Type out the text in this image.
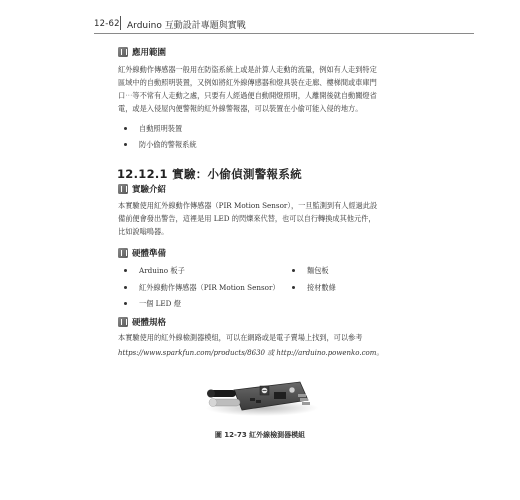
12-62 Arduino 互動設計專題與實戰
應用範圍
紅外線動作傳感器一般用在防盜系統上或是計算人走動的流量，例如有人走到特定
區域中的自動照明裝置，又例如將紅外線傳感器和燈具裝在走廊、樓梯間或車庫門
口⋯等不常有人走動之處，只要有人經過便自動開燈照明，人離開後就自動關燈省
電，或是入侵屋內便警報的紅外線警報器，可以裝置在小偷可能入侵的地方。
自動照明裝置
防小偷的警報系統
12.12.1 實驗：小偷偵測警報系統
實驗介紹
本實驗使用紅外線動作傳感器（PIR Motion Sensor），一旦監測到有人經過此設
備前便會發出警告，這裡是用 LED 的閃爍來代替，也可以自行轉換成其他元件，
比如說嗡鳴器。
硬體準備
Arduino 板子
紅外線動作傳感器（PIR Motion Sensor）
一個 LED 燈
麵包板
接材數條
硬體規格
本實驗使用的紅外線檢測器模組，可以在網路或是電子賣場上找到，可以參考
https://www.sparkfun.com/products/8630 或 http://arduino.powenko.com。
圖 12-73 紅外線檢測器模組
